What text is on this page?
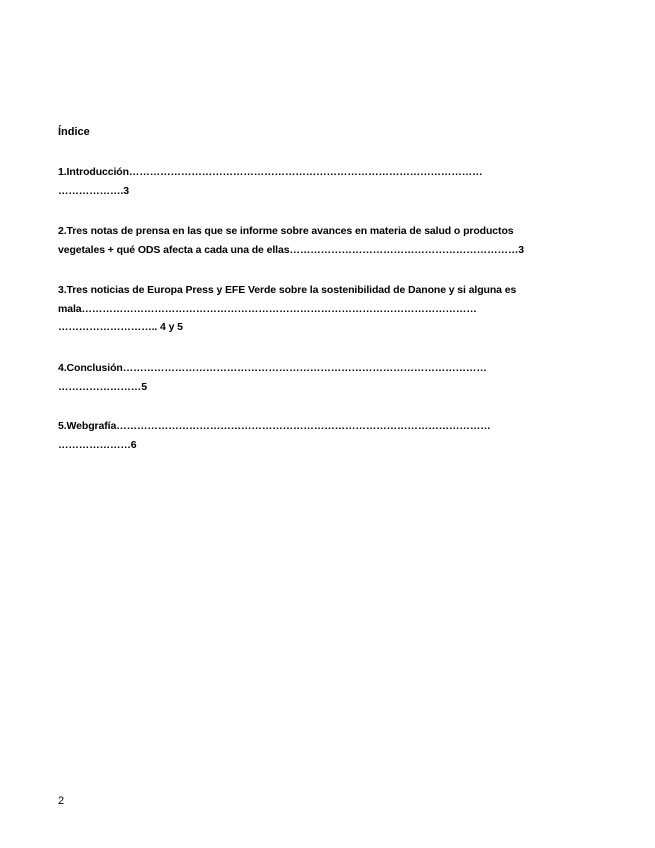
Índice
1.Introducción…………………………………………………………………………………………
……………….3
2.Tres notas de prensa en las que se informe sobre avances en materia de salud o productos
vegetales + qué ODS afecta a cada una de ellas…………………………………………………………3
3.Tres noticias de Europa Press y EFE Verde sobre la sostenibilidad de Danone y si alguna es
mala……………………………………………………………………………………………………
……………………….. 4 y 5
4.Conclusión……………………………………………………………………………………………
……………………5
5.Webgrafía………………………………………………………………………………………………
…………………6
2
